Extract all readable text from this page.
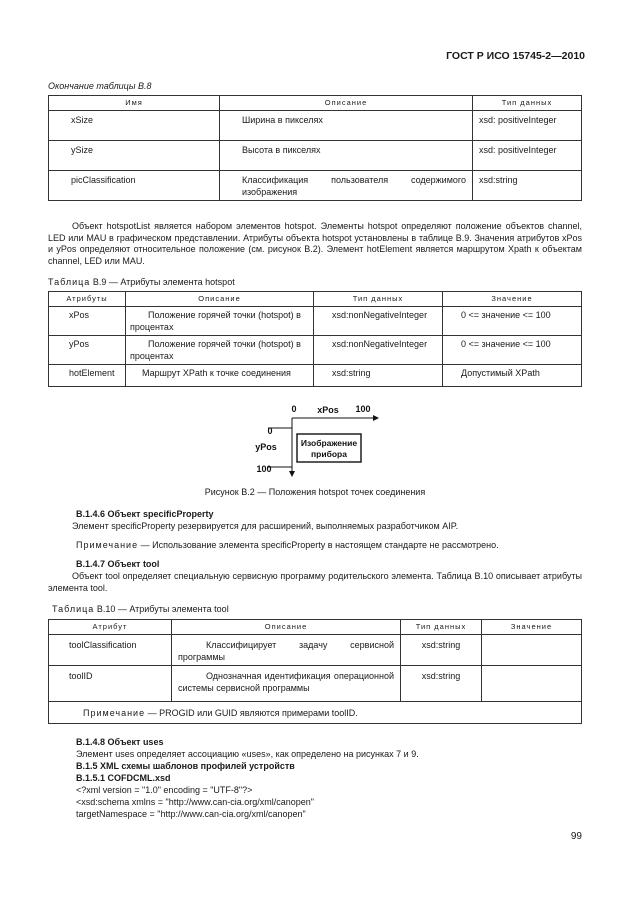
ГОСТ Р ИСО 15745-2—2010
Окончание таблицы В.8
Имя	Описание	Тип данных
xSize	Ширина в пикселях	xsd: positiveInteger
ySize	Высота в пикселях	xsd: positiveInteger
picClassification	Классификация пользователя содержимого изображения	xsd:string
Объект hotspotList является набором элементов hotspot. Элементы hotspot определяют положение объектов channel, LED или MAU в графическом представлении. Атрибуты объекта hotspot установлены в таблице В.9. Значения атрибутов xPos и yPos определяют относительное положение (см. рисунок В.2). Элемент hotElement является маршрутом Xpath к объектам channel, LED или MAU.
Таблица В.9 — Атрибуты элемента hotspot
Атрибуты	Описание	Тип данных	Значение
xPos	Положение горячей точки (hotspot) в процентах	xsd:nonNegativeInteger	0 <= значение <= 100
yPos	Положение горячей точки (hotspot) в процентах	xsd:nonNegativeInteger	0 <= значение <= 100
hotElement	Маршрут XPath к точке соединения	xsd:string	Допустимый XPath
0 xPos 100
0
yPos
100
Изображение
прибора
Рисунок В.2 — Положения hotspot точек соединения
В.1.4.6 Объект specificProperty
Элемент specificProperty резервируется для расширений, выполняемых разработчиком AIP.
Примечание — Использование элемента specificProperty в настоящем стандарте не рассмотрено.
В.1.4.7 Объект tool
Объект tool определяет специальную сервисную программу родительского элемента. Таблица В.10 описывает атрибуты элемента tool.
Таблица В.10 — Атрибуты элемента tool
Атрибут	Описание	Тип данных	Значение
toolClassification	Классифицирует задачу сервисной программы	xsd:string	
toolID	Однозначная идентификация операционной системы сервисной программы	xsd:string	
Примечание — PROGID или GUID являются примерами toolID.			
В.1.4.8 Объект uses
Элемент uses определяет ассоциацию «uses», как определено на рисунках 7 и 9.
В.1.5 XML схемы шаблонов профилей устройств
В.1.5.1 COFDCML.xsd
<?xml version = "1.0" encoding = "UTF-8"?>
<xsd:schema xmlns = "http://www.can-cia.org/xml/canopen"
targetNamespace = "http://www.can-cia.org/xml/canopen"
99
